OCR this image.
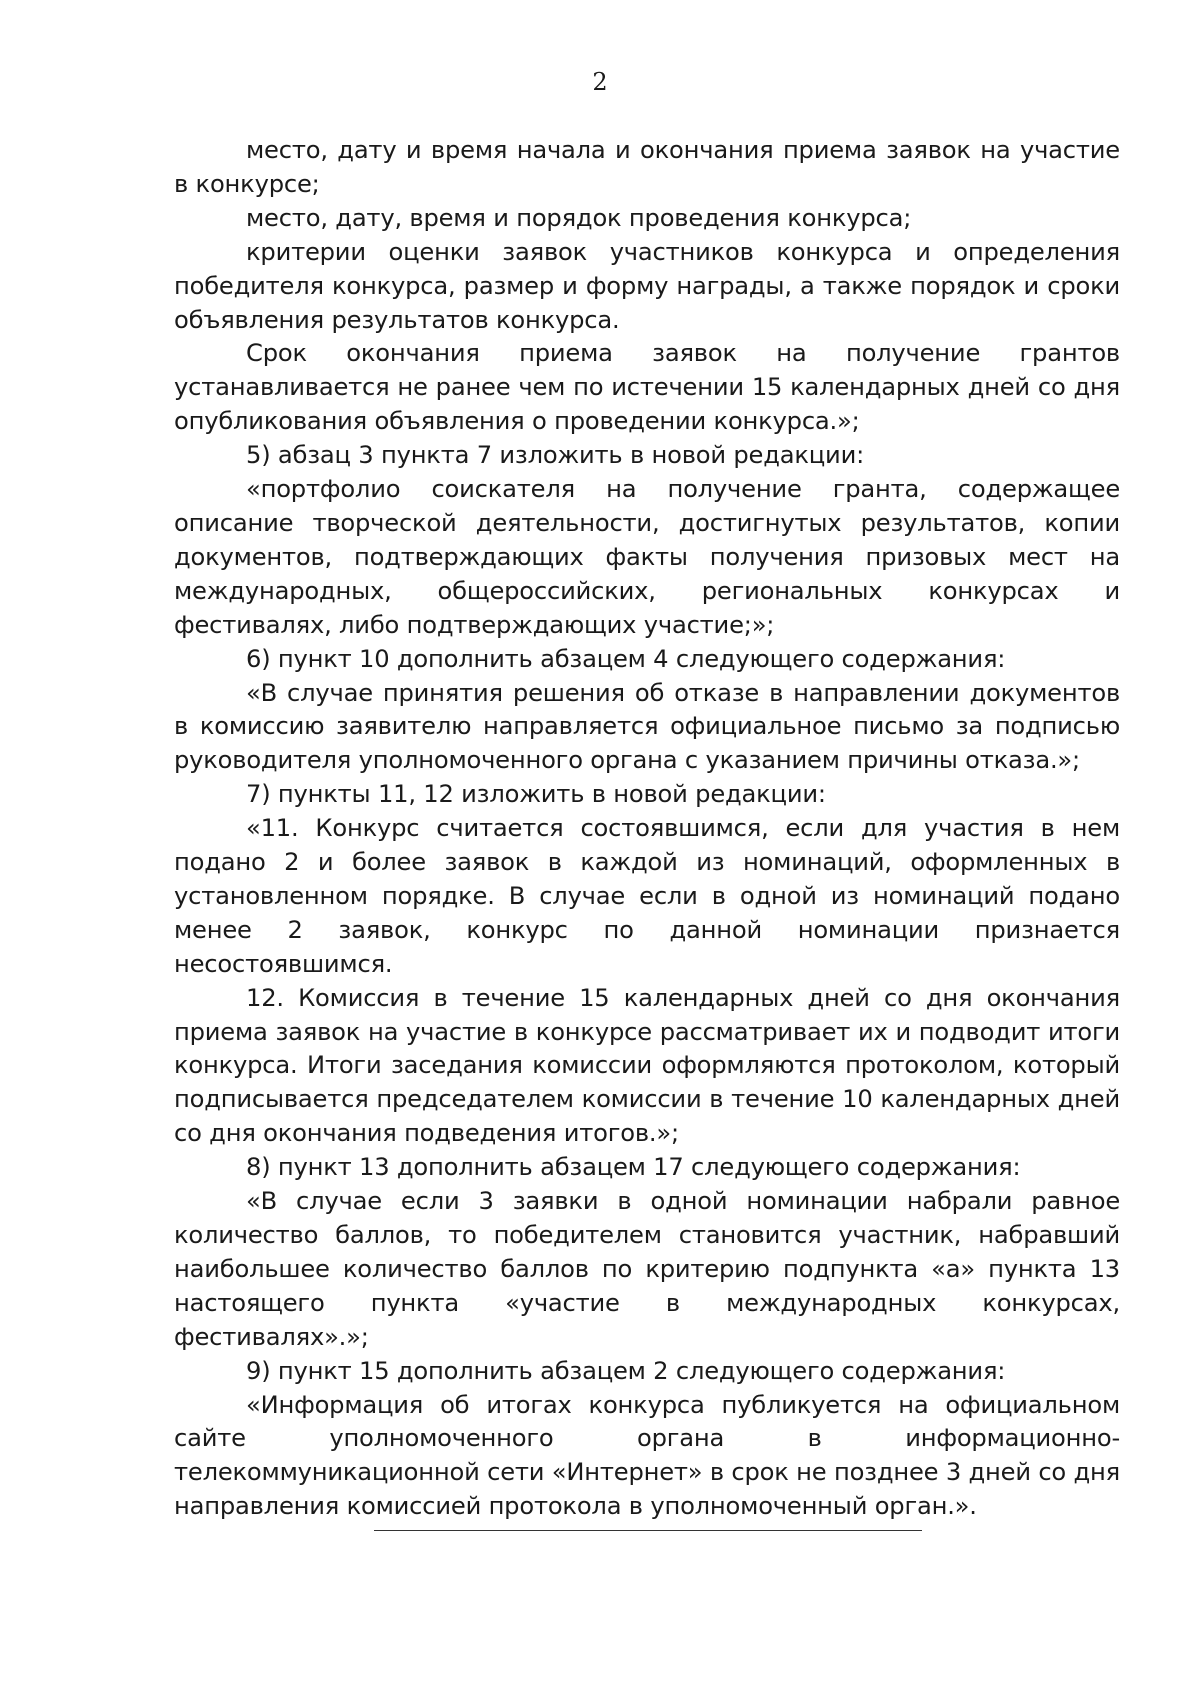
2

место, дату и время начала и окончания приема заявок на участие в конкурсе;

место, дату, время и порядок проведения конкурса;

критерии оценки заявок участников конкурса и определения победителя конкурса, размер и форму награды, а также порядок и сроки объявления результатов конкурса.

Срок окончания приема заявок на получение грантов устанавливается не ранее чем по истечении 15 календарных дней со дня опубликования объявления о проведении конкурса.»;

5) абзац 3 пункта 7 изложить в новой редакции:

«портфолио соискателя на получение гранта, содержащее описание творческой деятельности, достигнутых результатов, копии документов, подтверждающих факты получения призовых мест на международных, общероссийских, региональных конкурсах и фестивалях, либо подтверждающих участие;»;

6) пункт 10 дополнить абзацем 4 следующего содержания:

«В случае принятия решения об отказе в направлении документов в комиссию заявителю направляется официальное письмо за подписью руководителя уполномоченного органа с указанием причины отказа.»;

7) пункты 11, 12 изложить в новой редакции:

«11. Конкурс считается состоявшимся, если для участия в нем подано 2 и более заявок в каждой из номинаций, оформленных в установленном порядке. В случае если в одной из номинаций подано менее 2 заявок, конкурс по данной номинации признается несостоявшимся.

12. Комиссия в течение 15 календарных дней со дня окончания приема заявок на участие в конкурсе рассматривает их и подводит итоги конкурса. Итоги заседания комиссии оформляются протоколом, который подписывается председателем комиссии в течение 10 календарных дней со дня окончания подведения итогов.»;

8) пункт 13 дополнить абзацем 17 следующего содержания:

«В случае если 3 заявки в одной номинации набрали равное количество баллов, то победителем становится участник, набравший наибольшее количество баллов по критерию подпункта «а» пункта 13 настоящего пункта «участие в международных конкурсах, фестивалях».»;

9) пункт 15 дополнить абзацем 2 следующего содержания:

«Информация об итогах конкурса публикуется на официальном сайте уполномоченного органа в информационно-телекоммуникационной сети «Интернет» в срок не позднее 3 дней со дня направления комиссией протокола в уполномоченный орган.».
